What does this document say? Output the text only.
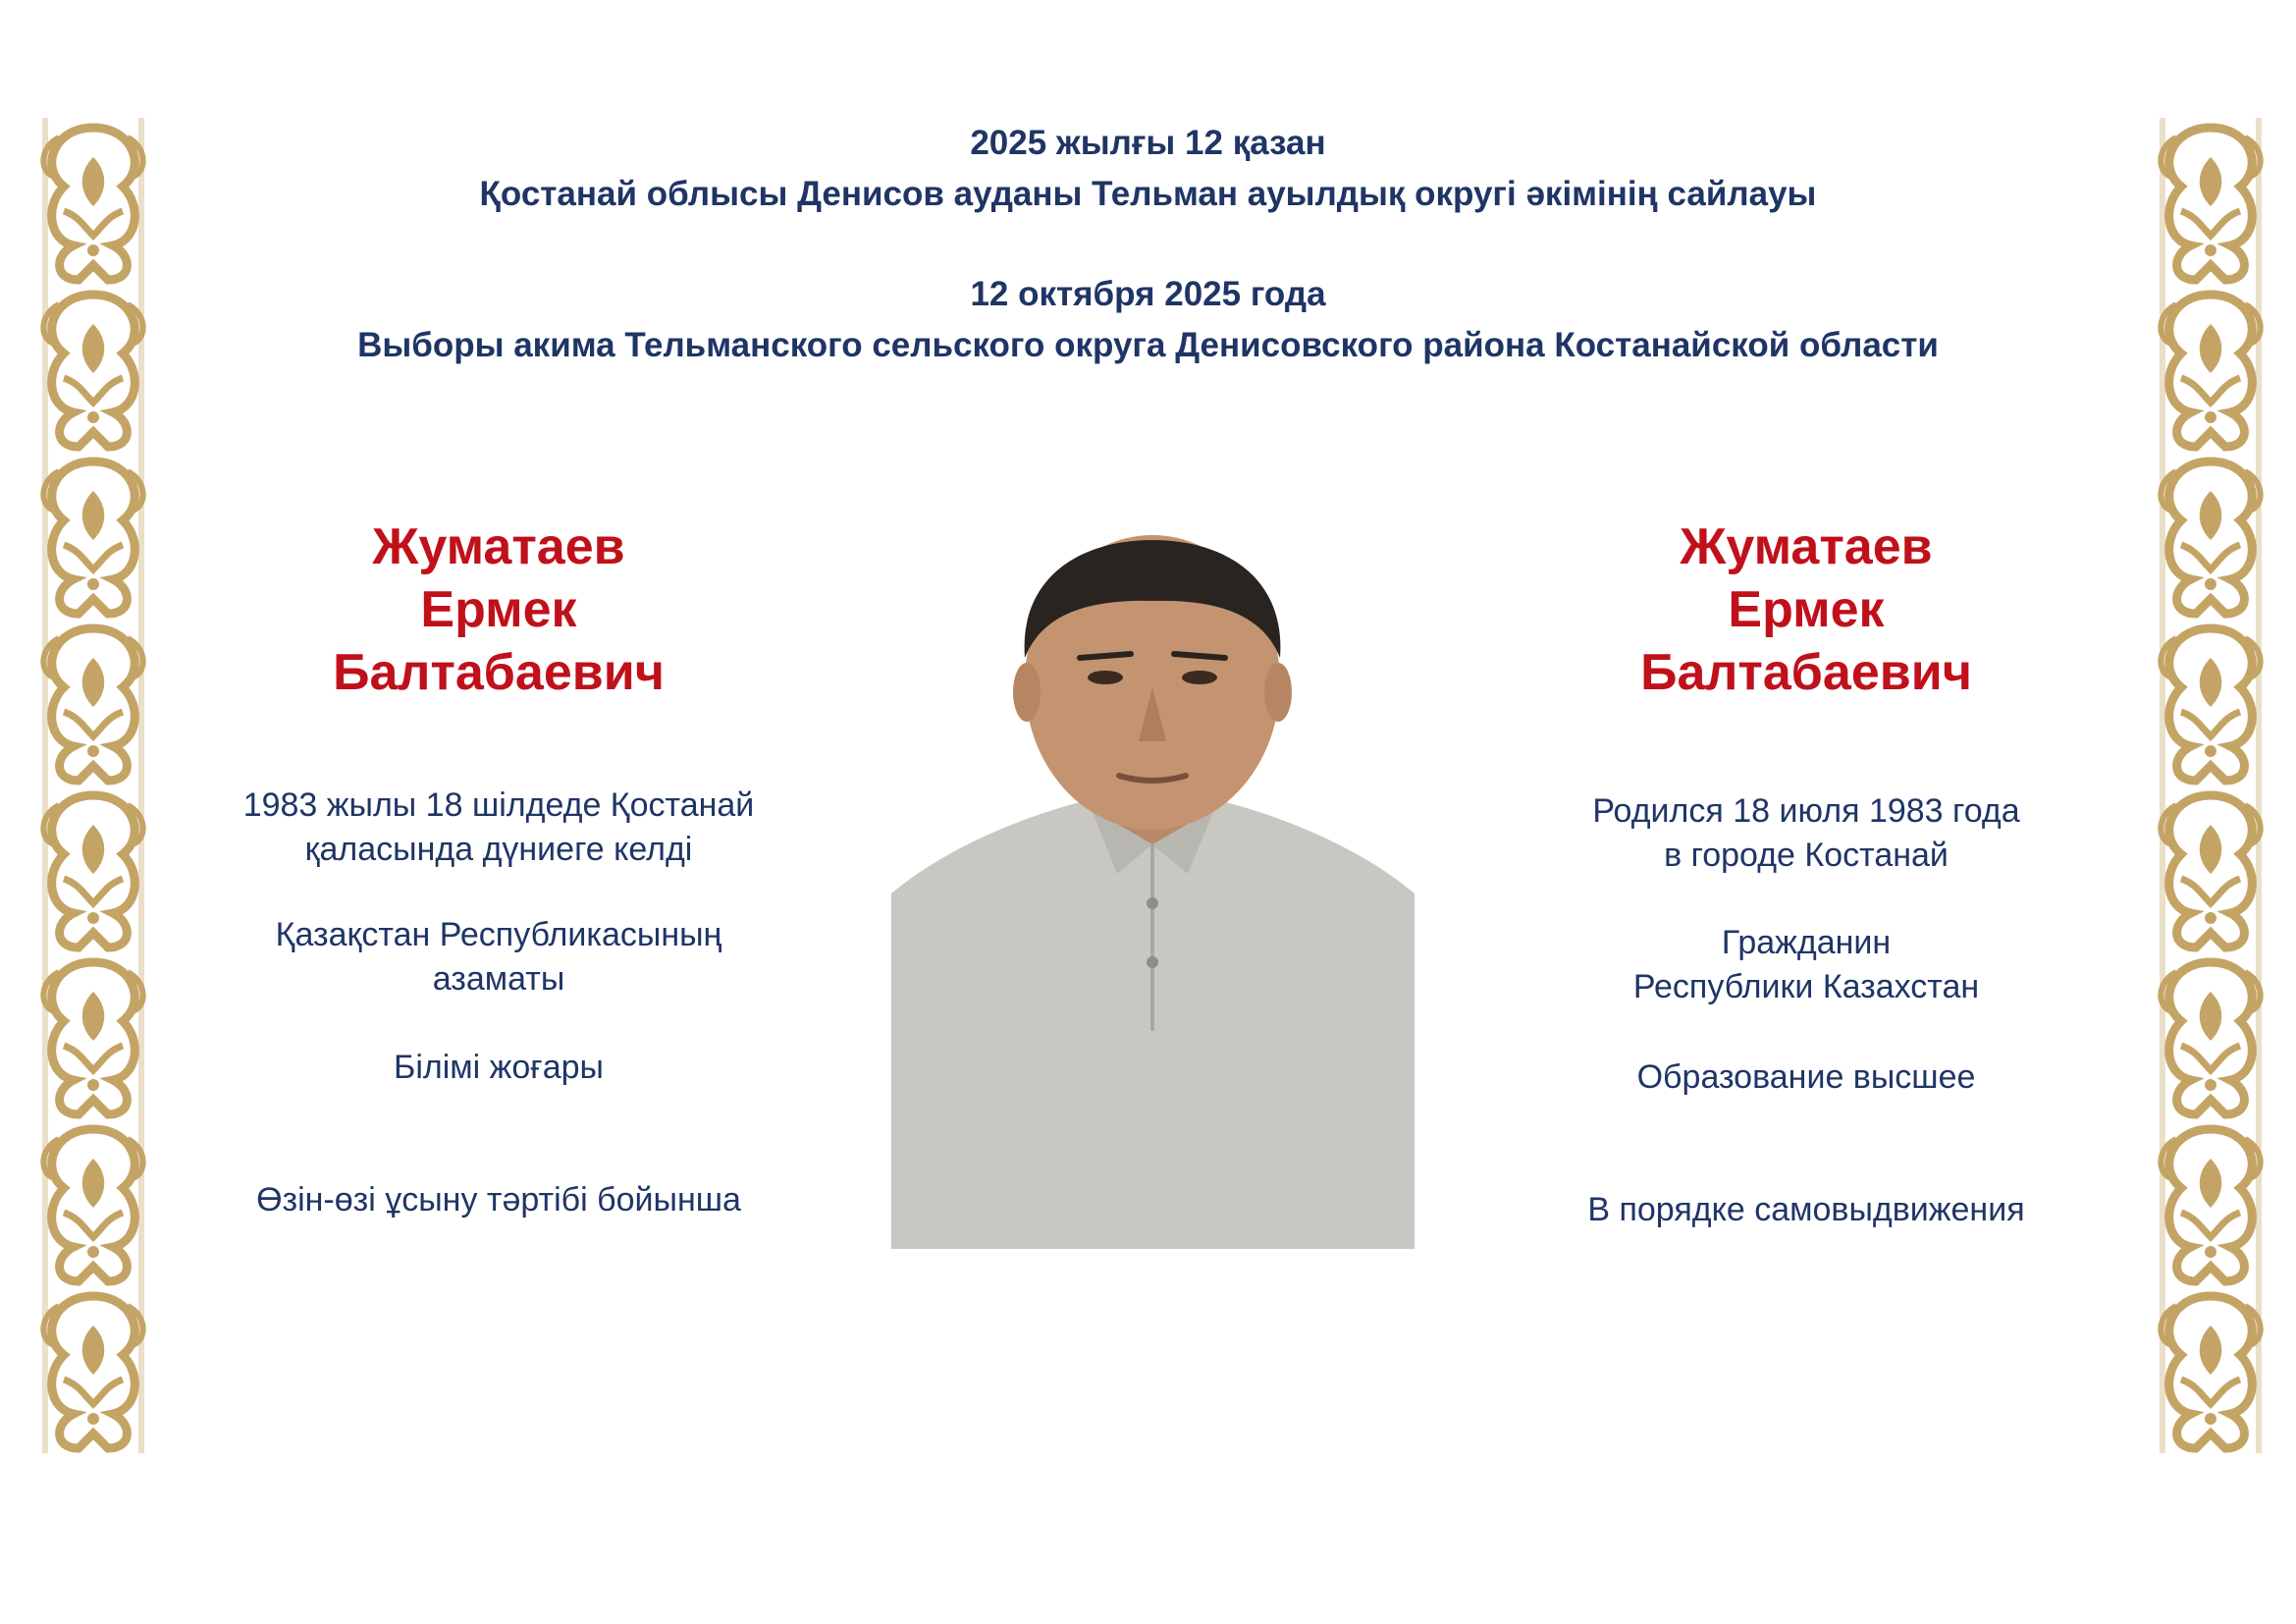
2025 жылғы 12 қазан
Қостанай облысы Денисов ауданы Тельман ауылдық округі әкімінің сайлауы
12 октября 2025 года
Выборы акима Тельманского сельского округа Денисовского района Костанайской области
Жуматаев
Ермек
Балтабаевич
Жуматаев
Ермек
Балтабаевич
1983 жылы 18 шілдеде Қостанай
қаласында дүниеге келді
Қазақстан Республикасының
азаматы
Білімі жоғары
Өзін-өзі ұсыну тәртібі бойынша
Родился 18 июля 1983 года
в городе Костанай
Гражданин
Республики Казахстан
Образование высшее
В порядке самовыдвижения
